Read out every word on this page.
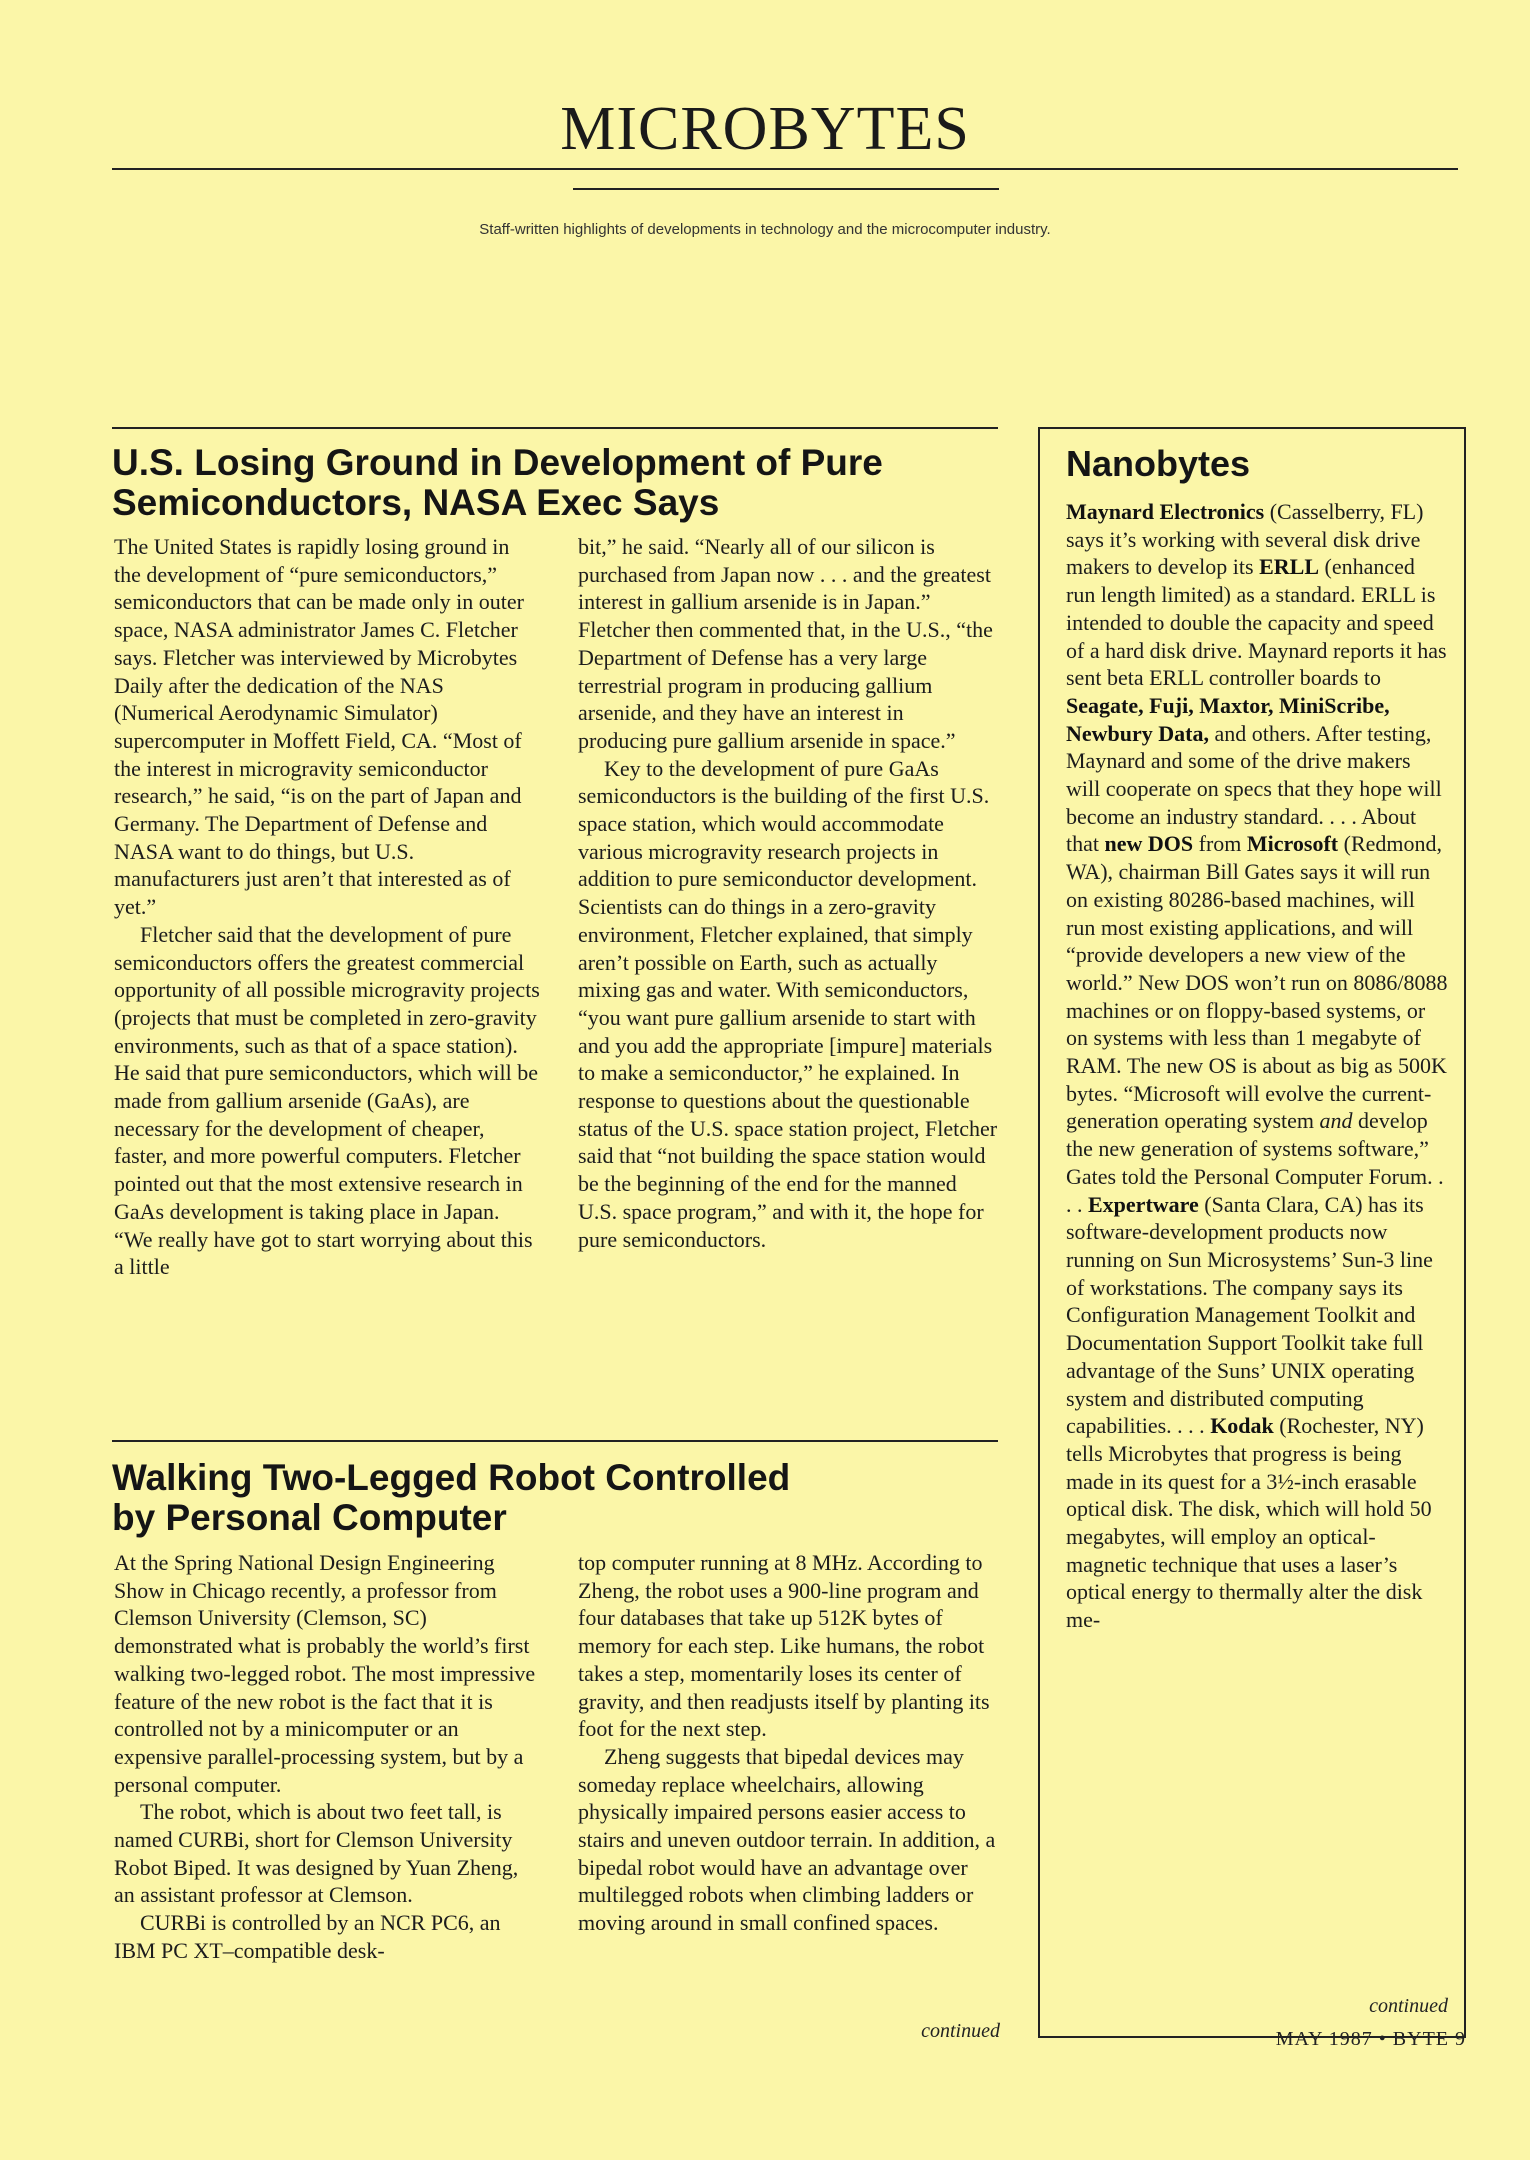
MICROBYTES
Staff-written highlights of developments in technology and the microcomputer industry.
U.S. Losing Ground in Development of Pure
Semiconductors, NASA Exec Says

The United States is rapidly losing ground in the development of “pure semiconductors,” semiconductors that can be made only in outer space, NASA administrator James C. Fletcher says. Fletcher was interviewed by Microbytes Daily after the dedication of the NAS (Numerical Aerodynamic Simulator) supercomputer in Moffett Field, CA. “Most of the interest in microgravity semiconductor research,” he said, “is on the part of Japan and Germany. The Department of Defense and NASA want to do things, but U.S. manufacturers just aren’t that interested as of yet.”

Fletcher said that the development of pure semiconductors offers the greatest commercial opportunity of all possible microgravity projects (projects that must be completed in zero-gravity environments, such as that of a space station). He said that pure semiconductors, which will be made from gallium arsenide (GaAs), are necessary for the development of cheaper, faster, and more powerful computers. Fletcher pointed out that the most extensive research in GaAs development is taking place in Japan. “We really have got to start worrying about this a little

bit,” he said. “Nearly all of our silicon is purchased from Japan now . . . and the greatest interest in gallium arsenide is in Japan.” Fletcher then commented that, in the U.S., “the Department of Defense has a very large terrestrial program in producing gallium arsenide, and they have an interest in producing pure gallium arsenide in space.”

Key to the development of pure GaAs semiconductors is the building of the first U.S. space station, which would accommodate various microgravity research projects in addition to pure semiconductor development. Scientists can do things in a zero-gravity environment, Fletcher explained, that simply aren’t possible on Earth, such as actually mixing gas and water. With semiconductors, “you want pure gallium arsenide to start with and you add the appropriate [impure] materials to make a semiconductor,” he explained. In response to questions about the questionable status of the U.S. space station project, Fletcher said that “not building the space station would be the beginning of the end for the manned U.S. space program,” and with it, the hope for pure semiconductors.

Walking Two-Legged Robot Controlled
by Personal Computer

At the Spring National Design Engineering Show in Chicago recently, a professor from Clemson University (Clemson, SC) demonstrated what is probably the world’s first walking two-legged robot. The most impressive feature of the new robot is the fact that it is controlled not by a minicomputer or an expensive parallel-processing system, but by a personal computer.

The robot, which is about two feet tall, is named CURBi, short for Clemson University Robot Biped. It was designed by Yuan Zheng, an assistant professor at Clemson.

CURBi is controlled by an NCR PC6, an IBM PC XT–compatible desk-

top computer running at 8 MHz. According to Zheng, the robot uses a 900-line program and four databases that take up 512K bytes of memory for each step. Like humans, the robot takes a step, momentarily loses its center of gravity, and then readjusts itself by planting its foot for the next step.

Zheng suggests that bipedal devices may someday replace wheelchairs, allowing physically impaired persons easier access to stairs and uneven outdoor terrain. In addition, a bipedal robot would have an advantage over multilegged robots when climbing ladders or moving around in small confined spaces.

continued
Nanobytes
Maynard Electronics (Casselberry, FL) says it’s working with several disk drive makers to develop its ERLL (enhanced run length limited) as a standard. ERLL is intended to double the capacity and speed of a hard disk drive. Maynard reports it has sent beta ERLL controller boards to Seagate, Fuji, Maxtor, MiniScribe, Newbury Data, and others. After testing, Maynard and some of the drive makers will cooperate on specs that they hope will become an industry standard. . . . About that new DOS from Microsoft (Redmond, WA), chairman Bill Gates says it will run on existing 80286-based machines, will run most existing applications, and will “provide developers a new view of the world.” New DOS won’t run on 8086/8088 machines or on floppy-based systems, or on systems with less than 1 megabyte of RAM. The new OS is about as big as 500K bytes. “Microsoft will evolve the current-generation operating system and develop the new generation of systems software,” Gates told the Personal Computer Forum. . . . Expertware (Santa Clara, CA) has its software-development products now running on Sun Microsystems’ Sun-3 line of workstations. The company says its Configuration Management Toolkit and Documentation Support Toolkit take full advantage of the Suns’ UNIX operating system and distributed computing capabilities. . . . Kodak (Rochester, NY) tells Microbytes that progress is being made in its quest for a 3½-inch erasable optical disk. The disk, which will hold 50 megabytes, will employ an optical-magnetic technique that uses a laser’s optical energy to thermally alter the disk me-
continued
MAY 1987 • BYTE 9
